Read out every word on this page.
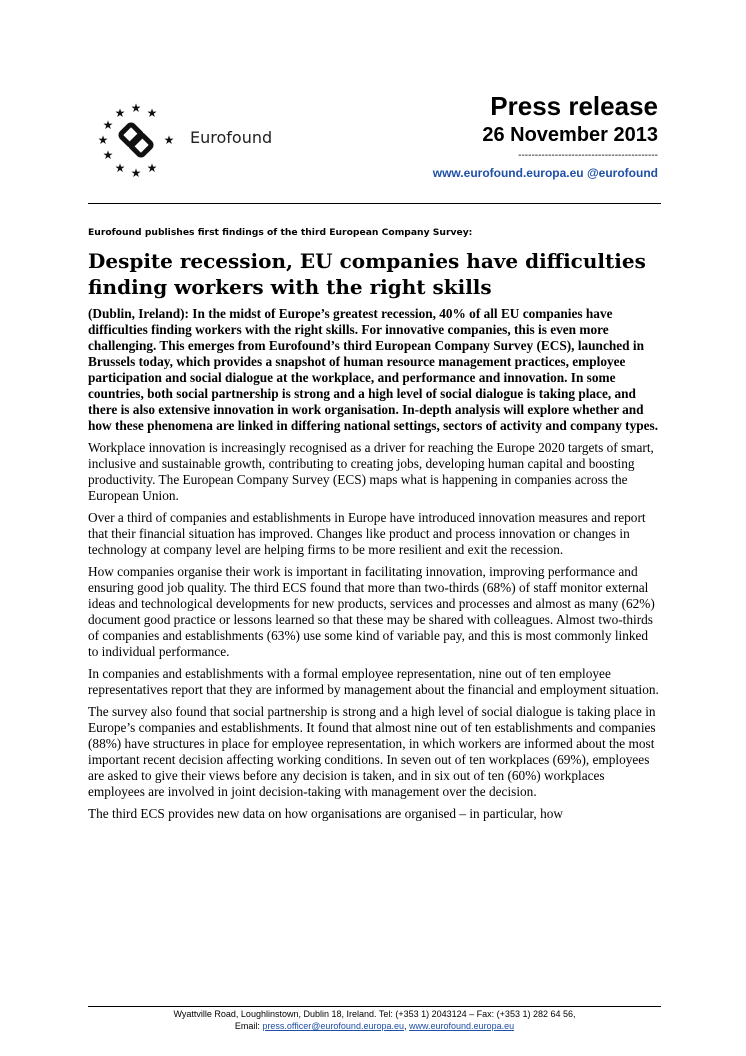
★
★ ★
★
★
★
★
★ ★ ★
Eurofound
Press release
26 November 2013
------------------------------------------
www.eurofound.europa.eu @eurofound

Eurofound publishes first findings of the third European Company Survey:

Despite recession, EU companies have difficulties finding workers with the right skills

(Dublin, Ireland): In the midst of Europe’s greatest recession, 40% of all EU companies have difficulties finding workers with the right skills. For innovative companies, this is even more challenging. This emerges from Eurofound’s third European Company Survey (ECS), launched in Brussels today, which provides a snapshot of human resource management practices, employee participation and social dialogue at the workplace, and performance and innovation. In some countries, both social partnership is strong and a high level of social dialogue is taking place, and there is also extensive innovation in work organisation. In-depth analysis will explore whether and how these phenomena are linked in differing national settings, sectors of activity and company types.

Workplace innovation is increasingly recognised as a driver for reaching the Europe 2020 targets of smart, inclusive and sustainable growth, contributing to creating jobs, developing human capital and boosting productivity. The European Company Survey (ECS) maps what is happening in companies across the European Union.

Over a third of companies and establishments in Europe have introduced innovation measures and report that their financial situation has improved. Changes like product and process innovation or changes in technology at company level are helping firms to be more resilient and exit the recession.

How companies organise their work is important in facilitating innovation, improving performance and ensuring good job quality. The third ECS found that more than two-thirds (68%) of staff monitor external ideas and technological developments for new products, services and processes and almost as many (62%) document good practice or lessons learned so that these may be shared with colleagues. Almost two-thirds of companies and establishments (63%) use some kind of variable pay, and this is most commonly linked to individual performance.

In companies and establishments with a formal employee representation, nine out of ten employee representatives report that they are informed by management about the financial and employment situation.

The survey also found that social partnership is strong and a high level of social dialogue is taking place in Europe’s companies and establishments. It found that almost nine out of ten establishments and companies (88%) have structures in place for employee representation, in which workers are informed about the most important recent decision affecting working conditions. In seven out of ten workplaces (69%), employees are asked to give their views before any decision is taken, and in six out of ten (60%) workplaces employees are involved in joint decision-taking with management over the decision.

The third ECS provides new data on how organisations are organised – in particular, how

Wyattville Road, Loughlinstown, Dublin 18, Ireland. Tel: (+353 1) 2043124 – Fax: (+353 1) 282 64 56,
Email: press.officer@eurofound.europa.eu, www.eurofound.europa.eu
